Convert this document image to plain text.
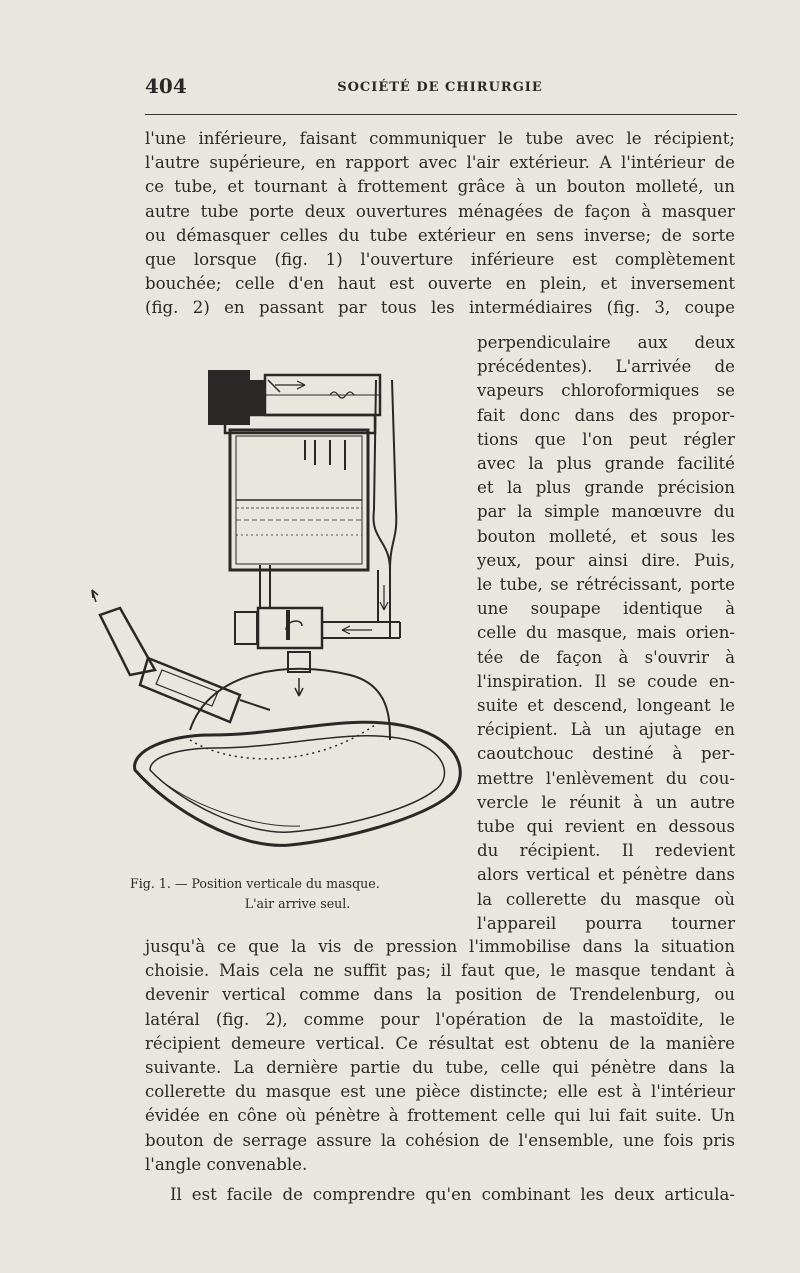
404	SOCIÉTÉ DE CHIRURGIE
l'une inférieure, faisant communiquer le tube avec le récipient;
l'autre supérieure, en rapport avec l'air extérieur. A l'intérieur de
ce tube, et tournant à frottement grâce à un bouton molleté, un
autre tube porte deux ouvertures ménagées de façon à masquer
ou démasquer celles du tube extérieur en sens inverse; de sorte
que lorsque (fig. 1) l'ouverture inférieure est complètement
bouchée; celle d'en haut est ouverte en plein, et inversement
(fig. 2) en passant par tous les intermédiaires (fig. 3, coupe
perpendiculaire aux deux
précédentes). L'arrivée de
vapeurs chloroformiques se
fait donc dans des propor-
tions que l'on peut régler
avec la plus grande facilité
et la plus grande précision
par la simple manœuvre du
bouton molleté, et sous les
yeux, pour ainsi dire. Puis,
le tube, se rétrécissant, porte
une soupape identique à
celle du masque, mais orien-
tée de façon à s'ouvrir à
l'inspiration. Il se coude en-
suite et descend, longeant le
récipient. Là un ajutage en
caoutchouc destiné à per-
mettre l'enlèvement du cou-
vercle le réunit à un autre
tube qui revient en dessous
du récipient. Il redevient
alors vertical et pénètre dans
la collerette du masque où
l'appareil pourra tourner
jusqu'à ce que la vis de pression l'immobilise dans la situation
choisie. Mais cela ne suffit pas; il faut que, le masque tendant à
devenir vertical comme dans la position de Trendelenburg, ou
latéral (fig. 2), comme pour l'opération de la mastoïdite, le
récipient demeure vertical. Ce résultat est obtenu de la manière
suivante. La dernière partie du tube, celle qui pénètre dans la
collerette du masque est une pièce distincte; elle est à l'intérieur
évidée en cône où pénètre à frottement celle qui lui fait suite. Un
bouton de serrage assure la cohésion de l'ensemble, une fois pris
l'angle convenable.
Il est facile de comprendre qu'en combinant les deux articula-
Fig. 1. — Position verticale du masque.
L'air arrive seul.
